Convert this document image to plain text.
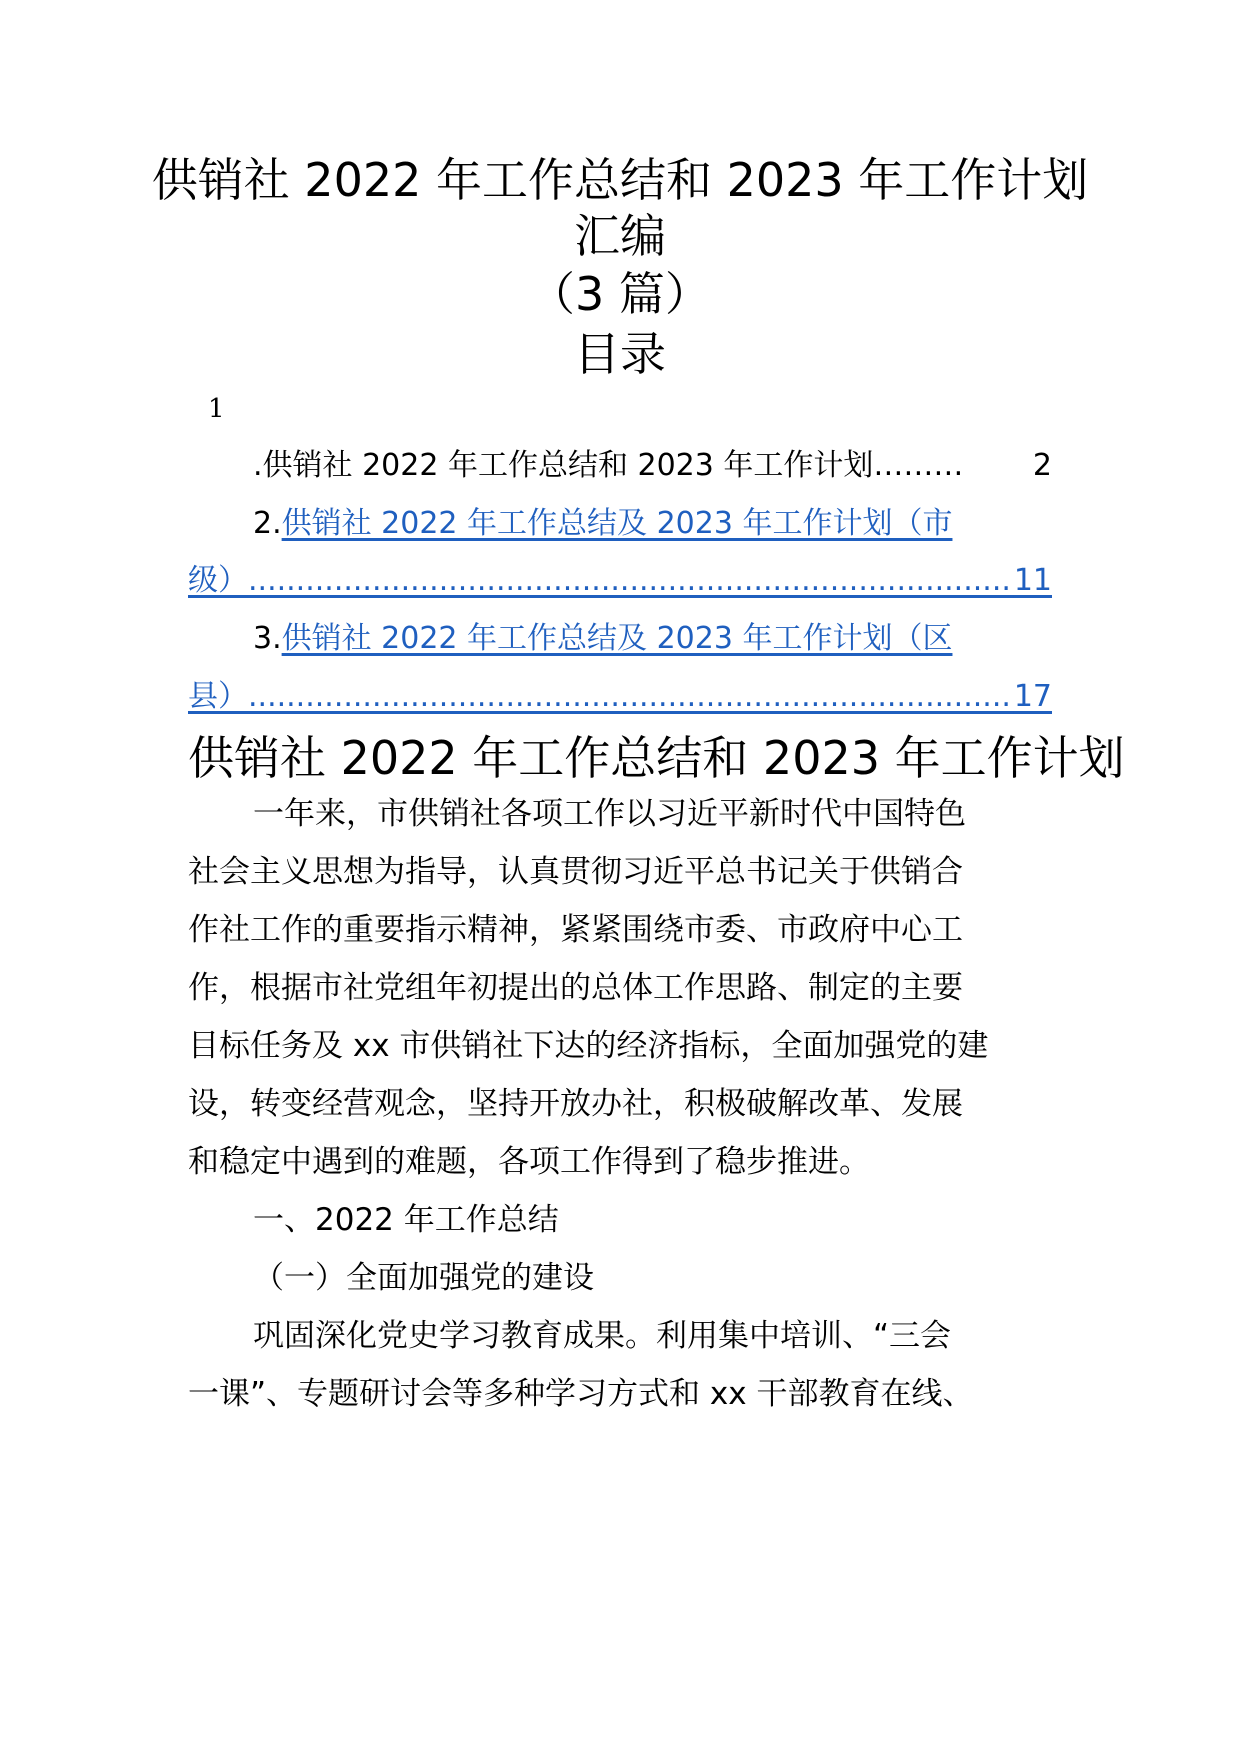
供销社 2022 年工作总结和 2023 年工作计划
汇编
（3 篇）
目录
1
.供销社 2022 年工作总结和 2023 年工作计划……… 2
2. 供销社 2022 年工作总结及 2023 年工作计划（市
级） .....	11
3. 供销社 2022 年工作总结及 2023 年工作计划（区
县） .....	17
供销社 2022 年工作总结和 2023 年工作计划
一年来，市供销社各项工作以习近平新时代中国特色
社会主义思想为指导，认真贯彻习近平总书记关于供销合
作社工作的重要指示精神，紧紧围绕市委、市政府中心工
作，根据市社党组年初提出的总体工作思路、制定的主要
目标任务及 xx 市供销社下达的经济指标，全面加强党的建
设，转变经营观念，坚持开放办社，积极破解改革、发展
和稳定中遇到的难题，各项工作得到了稳步推进。
一、2022 年工作总结
（一）全面加强党的建设
巩固深化党史学习教育成果。利用集中培训、“三会
一课”、专题研讨会等多种学习方式和 xx 干部教育在线、
